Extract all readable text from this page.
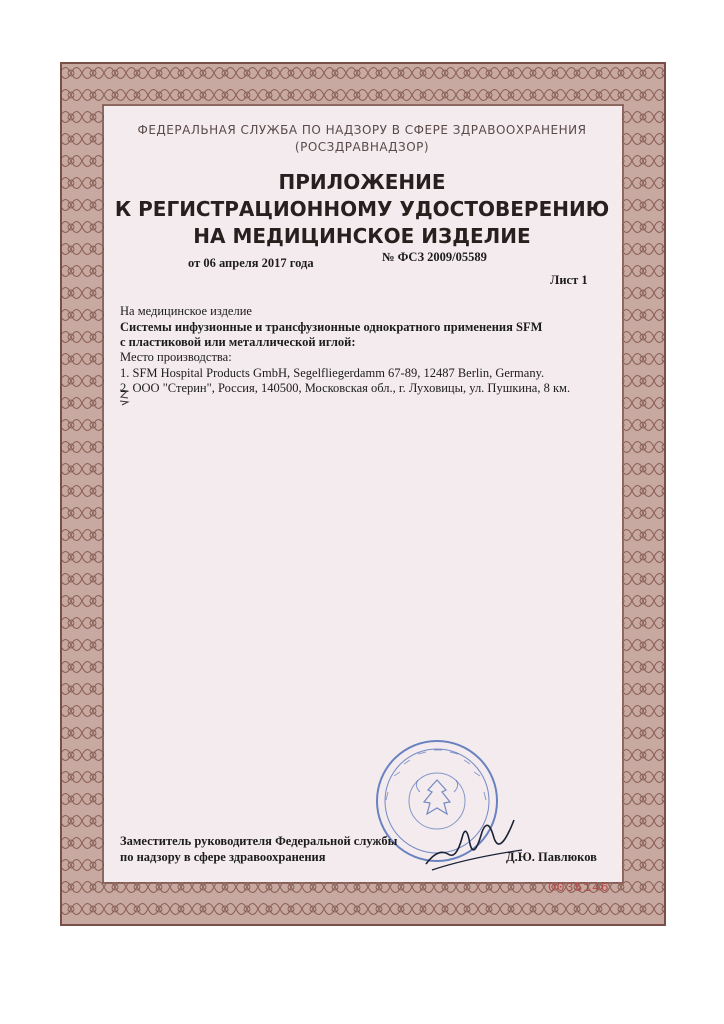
ФЕДЕРАЛЬНАЯ СЛУЖБА ПО НАДЗОРУ В СФЕРЕ ЗДРАВООХРАНЕНИЯ
(РОСЗДРАВНАДЗОР)
ПРИЛОЖЕНИЕ
К РЕГИСТРАЦИОННОМУ УДОСТОВЕРЕНИЮ
НА МЕДИЦИНСКОЕ ИЗДЕЛИЕ
от 06 апреля 2017 года	№ ФСЗ 2009/05589
Лист 1
На медицинское изделие
Системы инфузионные и трансфузионные однократного применения SFM
с пластиковой или металлической иглой:
Место производства:
1. SFM Hospital Products GmbH, Segelfliegerdamm 67-89, 12487 Berlin, Germany.
2. ООО "Стерин", Россия, 140500, Московская обл., г. Луховицы, ул. Пушкина, 8 км.
Заместитель руководителя Федеральной службы
по надзору в сфере здравоохранения	Д.Ю. Павлюков
0035146
